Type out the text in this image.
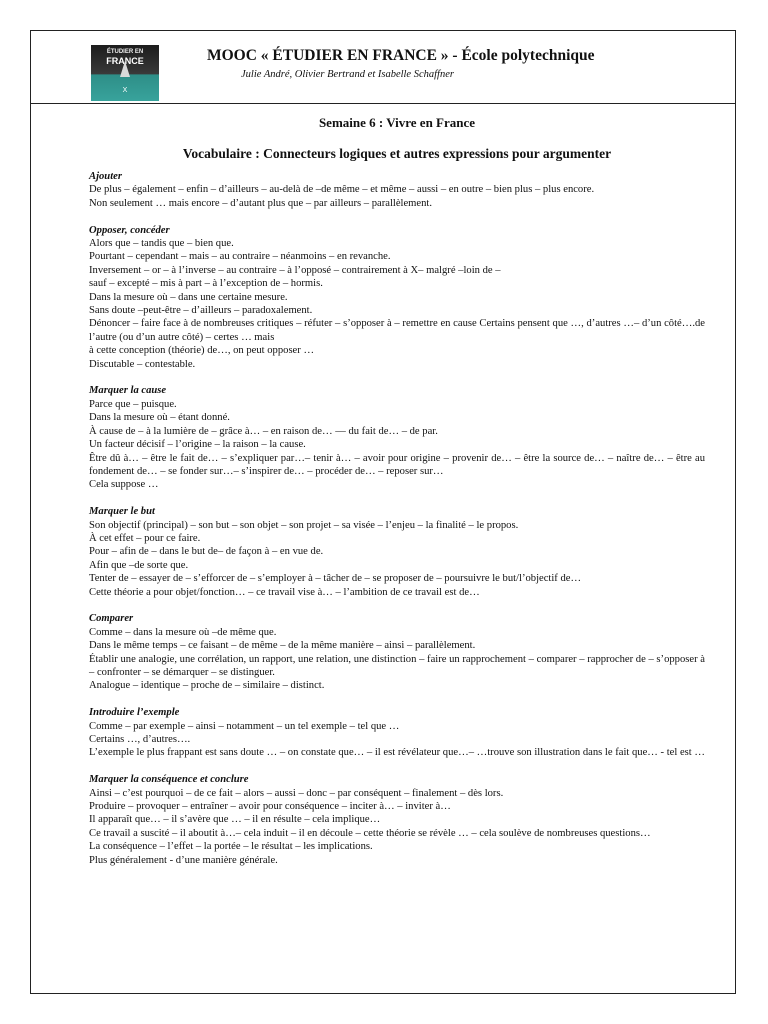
ÉTUDIER EN
FRANCE
X
MOOC « ÉTUDIER EN FRANCE » - École polytechnique
Julie André, Olivier Bertrand et Isabelle Schaffner
Semaine 6 : Vivre en France
Vocabulaire : Connecteurs logiques et autres expressions pour argumenter
Ajouter
De plus – également – enfin – d’ailleurs – au-delà de –de même – et même – aussi – en outre – bien plus – plus encore.
Non seulement … mais encore – d’autant plus que – par ailleurs – parallèlement.
Opposer, concéder
Alors que – tandis que – bien que.
Pourtant – cependant – mais – au contraire – néanmoins – en revanche.
Inversement – or – à l’inverse – au contraire – à l’opposé – contrairement à X– malgré –loin de –
sauf – excepté – mis à part – à l’exception de – hormis.
Dans la mesure où – dans une certaine mesure.
Sans doute –peut-être – d’ailleurs – paradoxalement.
Dénoncer – faire face à de nombreuses critiques – réfuter – s’opposer à – remettre en cause Certains pensent que …, d’autres …– d’un côté….de l’autre (ou d’un autre côté) – certes … mais
à cette conception (théorie) de…, on peut opposer …
Discutable – contestable.
Marquer la cause
Parce que – puisque.
Dans la mesure où – étant donné.
À cause de – à la lumière de – grâce à… – en raison de… –– du fait de… – de par.
Un facteur décisif – l’origine – la raison – la cause.
Être dû à… – être le fait de… – s’expliquer par…– tenir à… – avoir pour origine – provenir de… – être la source de… – naître de… – être au fondement de… – se fonder sur…– s’inspirer de… – procéder de… – reposer sur…
Cela suppose …
Marquer le but
Son objectif (principal) – son but – son objet – son projet – sa visée – l’enjeu – la finalité – le propos.
À cet effet – pour ce faire.
Pour – afin de – dans le but de– de façon à – en vue de.
Afin que –de sorte que.
Tenter de – essayer de – s’efforcer de – s’employer à – tâcher de – se proposer de – poursuivre le but/l’objectif de…
Cette théorie a pour objet/fonction… – ce travail vise à… – l’ambition de ce travail est de…
Comparer
Comme – dans la mesure où –de même que.
Dans le même temps – ce faisant – de même – de la même manière – ainsi – parallèlement.
Établir une analogie, une corrélation, un rapport, une relation, une distinction – faire un rapprochement – comparer – rapprocher de – s’opposer à – confronter – se démarquer – se distinguer.
Analogue – identique – proche de – similaire – distinct.
Introduire l’exemple
Comme – par exemple – ainsi – notamment – un tel exemple – tel que …
Certains …, d’autres….
L’exemple le plus frappant est sans doute … – on constate que… – il est révélateur que…– …trouve son illustration dans le fait que… - tel est …
Marquer la conséquence et conclure
Ainsi – c’est pourquoi – de ce fait – alors – aussi – donc – par conséquent – finalement – dès lors.
Produire – provoquer – entraîner – avoir pour conséquence – inciter à… – inviter à…
Il apparaît que… – il s’avère que … – il en résulte – cela implique…
Ce travail a suscité – il aboutit à…– cela induit – il en découle – cette théorie se révèle … – cela soulève de nombreuses questions…
La conséquence – l’effet – la portée – le résultat – les implications.
Plus généralement - d’une manière générale.
